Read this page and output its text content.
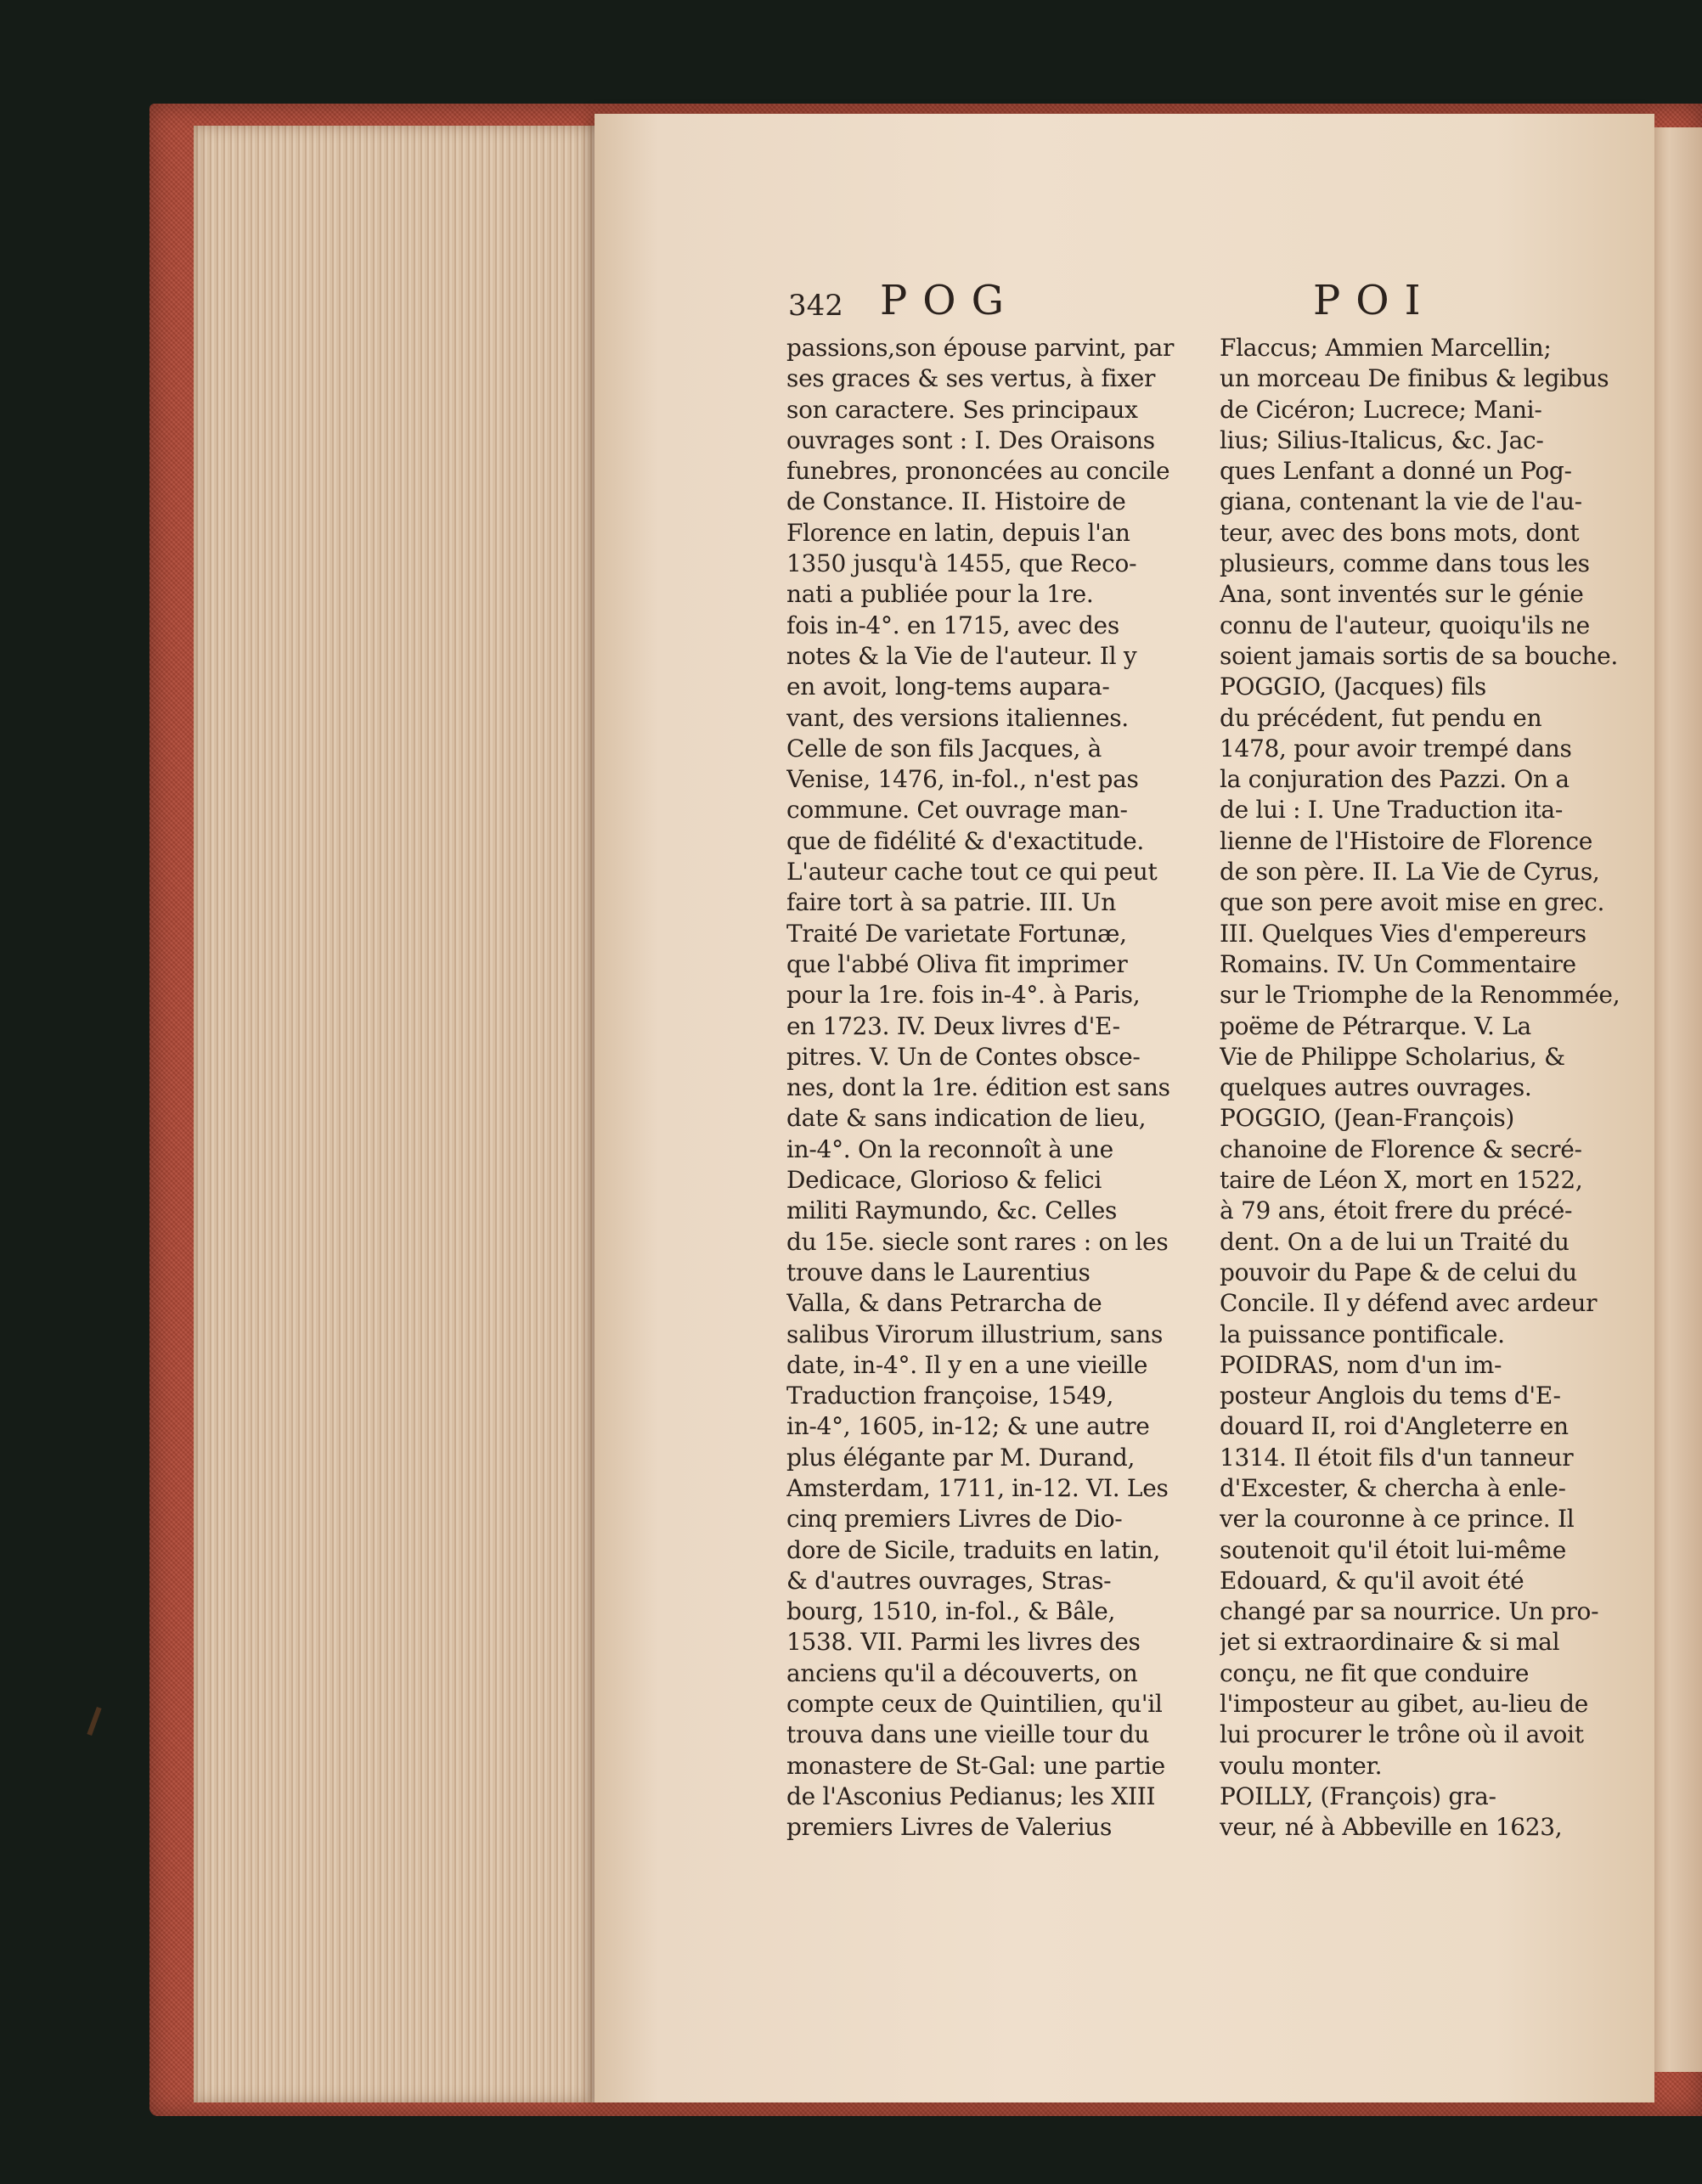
342 POG	POI
passions,son épouse parvint, par
ses graces & ses vertus, à fixer
son caractere. Ses principaux
ouvrages sont : I. Des Oraisons
funebres, prononcées au concile
de Constance. II. Histoire de
Florence en latin, depuis l'an
1350 jusqu'à 1455, que Reco-
nati a publiée pour la 1re.
fois in-4°. en 1715, avec des
notes & la Vie de l'auteur. Il y
en avoit, long-tems aupara-
vant, des versions italiennes.
Celle de son fils Jacques, à
Venise, 1476, in-fol., n'est pas
commune. Cet ouvrage man-
que de fidélité & d'exactitude.
L'auteur cache tout ce qui peut
faire tort à sa patrie. III. Un
Traité De varietate Fortunæ,
que l'abbé Oliva fit imprimer
pour la 1re. fois in-4°. à Paris,
en 1723. IV. Deux livres d'E-
pitres. V. Un de Contes obsce-
nes, dont la 1re. édition est sans
date & sans indication de lieu,
in-4°. On la reconnoît à une
Dedicace, Glorioso & felici
militi Raymundo, &c. Celles
du 15e. siecle sont rares : on les
trouve dans le Laurentius
Valla, & dans Petrarcha de
salibus Virorum illustrium, sans
date, in-4°. Il y en a une vieille
Traduction françoise, 1549,
in-4°, 1605, in-12; & une autre
plus élégante par M. Durand,
Amsterdam, 1711, in-12. VI. Les
cinq premiers Livres de Dio-
dore de Sicile, traduits en latin,
& d'autres ouvrages, Stras-
bourg, 1510, in-fol., & Bâle,
1538. VII. Parmi les livres des
anciens qu'il a découverts, on
compte ceux de Quintilien, qu'il
trouva dans une vieille tour du
monastere de St-Gal: une partie
de l'Asconius Pedianus; les XIII
premiers Livres de Valerius
Flaccus; Ammien Marcellin;
un morceau De finibus & legibus
de Cicéron; Lucrece; Mani-
lius; Silius-Italicus, &c. Jac-
ques Lenfant a donné un Pog-
giana, contenant la vie de l'au-
teur, avec des bons mots, dont
plusieurs, comme dans tous les
Ana, sont inventés sur le génie
connu de l'auteur, quoiqu'ils ne
soient jamais sortis de sa bouche.
POGGIO, (Jacques) fils
du précédent, fut pendu en
1478, pour avoir trempé dans
la conjuration des Pazzi. On a
de lui : I. Une Traduction ita-
lienne de l'Histoire de Florence
de son père. II. La Vie de Cyrus,
que son pere avoit mise en grec.
III. Quelques Vies d'empereurs
Romains. IV. Un Commentaire
sur le Triomphe de la Renommée,
poëme de Pétrarque. V. La
Vie de Philippe Scholarius, &
quelques autres ouvrages.
POGGIO, (Jean-François)
chanoine de Florence & secré-
taire de Léon X, mort en 1522,
à 79 ans, étoit frere du précé-
dent. On a de lui un Traité du
pouvoir du Pape & de celui du
Concile. Il y défend avec ardeur
la puissance pontificale.
POIDRAS, nom d'un im-
posteur Anglois du tems d'E-
douard II, roi d'Angleterre en
1314. Il étoit fils d'un tanneur
d'Excester, & chercha à enle-
ver la couronne à ce prince. Il
soutenoit qu'il étoit lui-même
Edouard, & qu'il avoit été
changé par sa nourrice. Un pro-
jet si extraordinaire & si mal
conçu, ne fit que conduire
l'imposteur au gibet, au-lieu de
lui procurer le trône où il avoit
voulu monter.
POILLY, (François) gra-
veur, né à Abbeville en 1623,
